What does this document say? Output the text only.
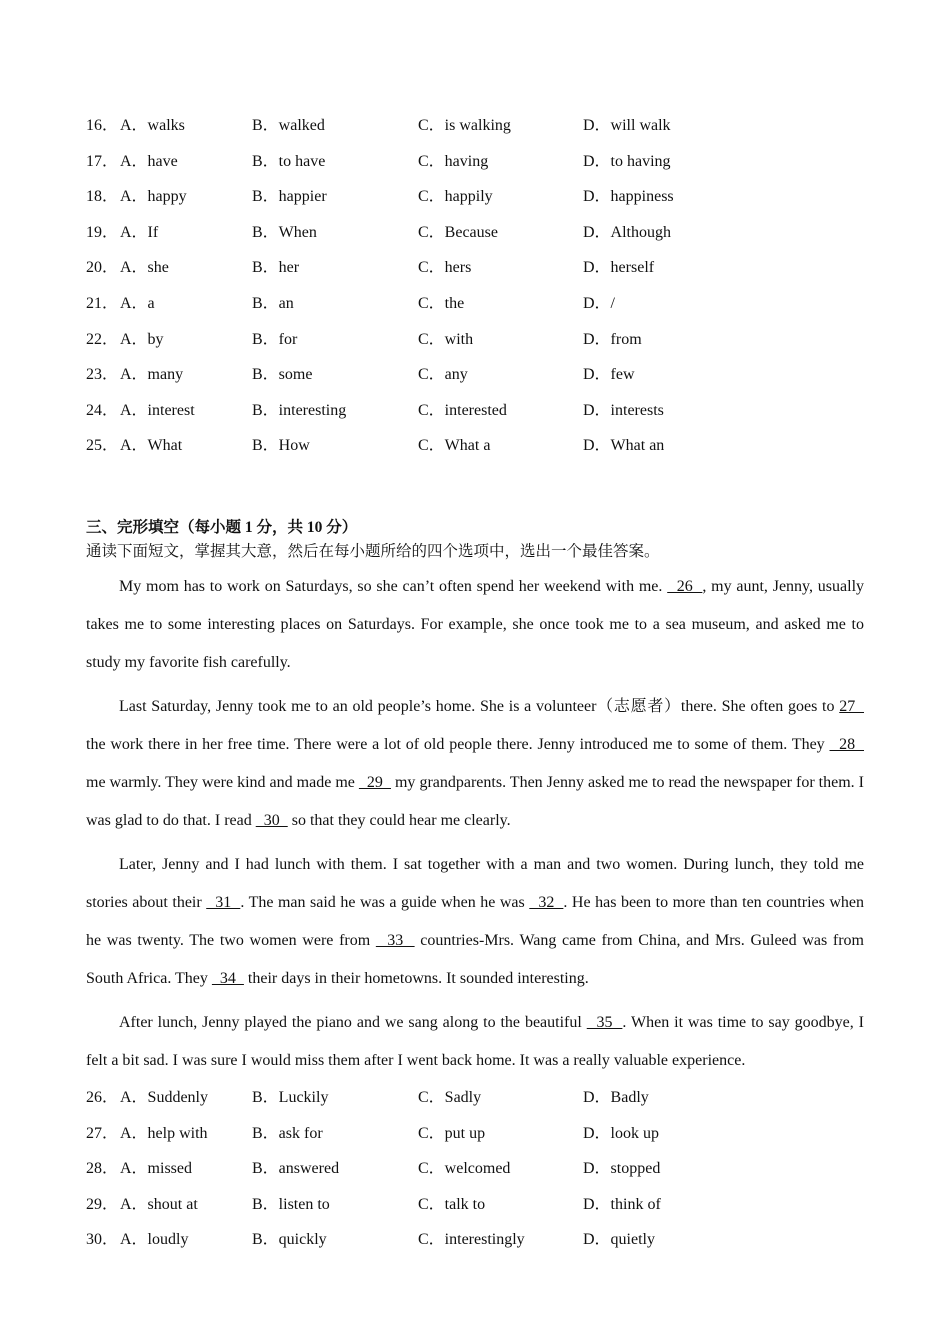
16． A．walks	B．walked	C．is walking	D．will walk
17． A．have	B．to have	C．having	D．to having
18． A．happy	B．happier	C．happily	D．happiness
19． A．If	B．When	C．Because	D．Although
20． A．she	B．her	C．hers	D．herself
21． A．a	B．an	C．the	D．/
22． A．by	B．for	C．with	D．from
23． A．many	B．some	C．any	D．few
24． A．interest	B．interesting	C．interested	D．interests
25． A．What	B．How	C．What a	D．What an
三、完形填空（每小题 1 分，共 10 分）
通读下面短文，掌握其大意，然后在每小题所给的四个选项中，选出一个最佳答案。

My mom has to work on Saturdays, so she can’t often spend her weekend with me.   26  , my aunt, Jenny, usually takes me to some interesting places on Saturdays. For example, she once took me to a sea museum, and asked me to study my favorite fish carefully.

Last Saturday, Jenny took me to an old people’s home. She is a volunteer（志愿者）there. She often goes to 27   the work there in her free time. There were a lot of old people there. Jenny introduced me to some of them. They   28   me warmly. They were kind and made me   29   my grandparents. Then Jenny asked me to read the newspaper for them. I was glad to do that. I read   30   so that they could hear me clearly.

Later, Jenny and I had lunch with them. I sat together with a man and two women. During lunch, they told me stories about their   31  . The man said he was a guide when he was   32  . He has been to more than ten countries when he was twenty. The two women were from   33   countries-Mrs. Wang came from China, and Mrs. Guleed was from South Africa. They   34   their days in their hometowns. It sounded interesting.

After lunch, Jenny played the piano and we sang along to the beautiful   35  . When it was time to say goodbye, I felt a bit sad. I was sure I would miss them after I went back home. It was a really valuable experience.

26． A．Suddenly	B．Luckily	C．Sadly	D．Badly
27． A．help with	B．ask for	C．put up	D．look up
28． A．missed	B．answered	C．welcomed	D．stopped
29． A．shout at	B．listen to	C．talk to	D．think of
30． A．loudly	B．quickly	C．interestingly	D．quietly
